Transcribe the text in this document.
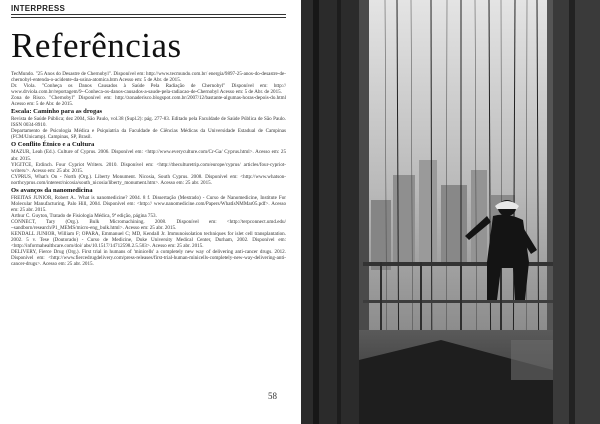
INTERPRESS
Referências

TecMundo. "25 Anos do Desastre de Chernobyl". Disponível em: http://www.tecmundo.com.br/ energia/9897-25-anos-do-desastre-de-chernobyl-entenda-o-acidente-da-usina-atomica.htm Acesso em: 5 de Abr. de 2015.

Dr. Viola. "Conheça os Danos Causados à Saúde Pela Radiação de Chernobyl" Disponível em: http:// www.drviola.com.br/reportagem/9--Conheca-os-danos-causados-a-saude-pela-radiacao-de-Chernobyl Acesso em: 5 de Abr. de 2015.

Zona de Risco. "Chernobyl" Disponível em: http://zonaderisco.blogspot.com.br/2007/12/bastante-algumas-horas-depois-do.html Acesso em: 5 de Abr. de 2015.

Escala: Caminho para as drogas

Revista de Saúde Pública; dez 2004, São Paulo, vol.38 (Supl.2): pág. 277-83. Editado pela Faculdade de Saúde Pública de São Paulo. ISSN 0034-8910.

Departamento de Psicologia Médica e Psiquiatria da Faculdade de Ciências Médicas da Universidade Estadual de Campinas (FCM/Unicamp). Campinas, SP, Brasil.

O Conflito Étnico e a Cultura

MAZUR, Leah (Ed.). Culture of Cyprus. 2006. Disponível em: <http://www.everyculture.com/Cr-Ga/ Cyprus.html>. Acesso em: 25 abr. 2015.

YIGITCE, Erdinch. Four Cypriot Writers. 2010. Disponível em: <http://theculturetrip.com/europe/cyprus/ articles/four-cypriot-writers/>. Acesso em: 25 abr. 2015.

CYPRUS, What's On - North (Org.). Liberty Monument. Nicosia, South Cyprus. 2008. Disponível em: <http://www.whatson-northcyprus.com/interest/nicosia/south_nicosia/liberty_monument.htm>. Acesso em: 25 abr. 2015.

Os avanços da nanomedicina

FREITAS JUNIOR, Robert A.. What is nanomedicine? 2004. 8 f. Dissertação (Mestrado) - Curso de Nanomedicine, Institute For Molecular Manufacturing, Palo Hill, 2004. Disponível em: <http:// www.nanomedicine.com/Papers/WhatIsNMMar05.pdf>. Acesso em: 25 abr. 2015.

Arthur C. Guyton, Tratado de Fisiologia Médica, 9ª edição, página 753.

CONNECT, Tary (Org.). Bulk Micromachining. 2008. Disponível em: <http://terpconnect.umd.edu/ ~sandborn/research/P1_MEMS/micro-eng_bulk.html>. Acesso em: 25 abr. 2015.

KENDALL JUNIOR, William F; OPARA, Emmanuel C; MD, Kendall Jr. Immunoisolation techniques for islet cell transplantation. 2002. 5 v. Tese (Doutorado) - Curso de Medicine, Duke University Medical Center, Durham, 2002. Disponível em: <http://informahealthcare.com/doi/ abs/10.1517/14712598.2.5.503>. Acesso em: 25 abr. 2015.

DELIVERY, Fierce Drug (Org.). First trial in humans of 'minicells' a completely new way of delivering anti-cancer drugs. 2012. Disponível em: <http://www.fiercedrugdelivery.com/press-releases/first-trial-human-minicells-completely-new-way-delivering-anti-cancer-drugs>. Acesso em: 25 abr. 2015.

58
